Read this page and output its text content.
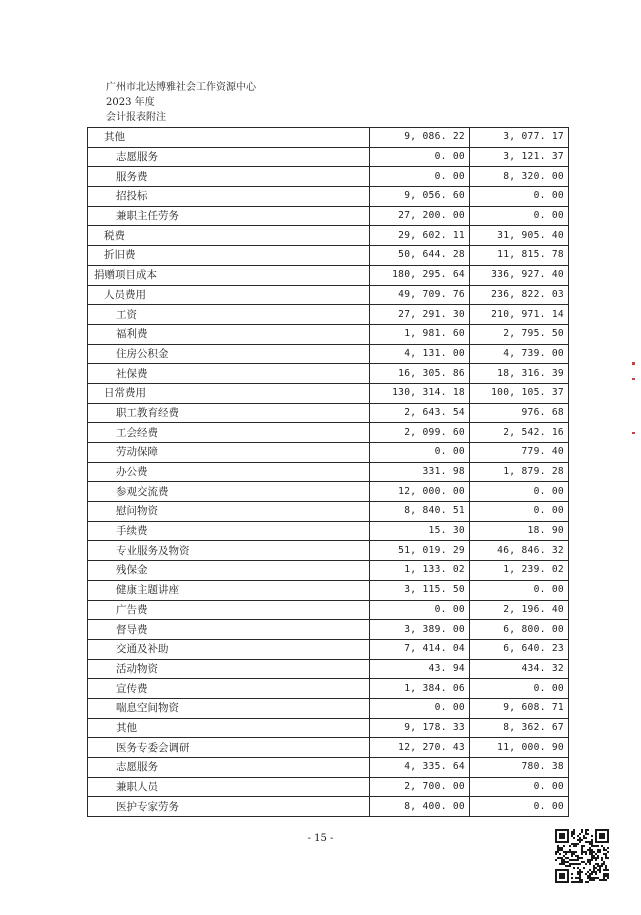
广州市北达博雅社会工作资源中心
2023 年度
会计报表附注
其他	9, 086. 22	3, 077. 17
志愿服务	0. 00	3, 121. 37
服务费	0. 00	8, 320. 00
招投标	9, 056. 60	0. 00
兼职主任劳务	27, 200. 00	0. 00
税费	29, 602. 11	31, 905. 40
折旧费	50, 644. 28	11, 815. 78
捐赠项目成本	180, 295. 64	336, 927. 40
人员费用	49, 709. 76	236, 822. 03
工资	27, 291. 30	210, 971. 14
福利费	1, 981. 60	2, 795. 50
住房公积金	4, 131. 00	4, 739. 00
社保费	16, 305. 86	18, 316. 39
日常费用	130, 314. 18	100, 105. 37
职工教育经费	2, 643. 54	976. 68
工会经费	2, 099. 60	2, 542. 16
劳动保障	0. 00	779. 40
办公费	331. 98	1, 879. 28
参观交流费	12, 000. 00	0. 00
慰问物资	8, 840. 51	0. 00
手续费	15. 30	18. 90
专业服务及物资	51, 019. 29	46, 846. 32
残保金	1, 133. 02	1, 239. 02
健康主题讲座	3, 115. 50	0. 00
广告费	0. 00	2, 196. 40
督导费	3, 389. 00	6, 800. 00
交通及补助	7, 414. 04	6, 640. 23
活动物资	43. 94	434. 32
宣传费	1, 384. 06	0. 00
喘息空间物资	0. 00	9, 608. 71
其他	9, 178. 33	8, 362. 67
医务专委会调研	12, 270. 43	11, 000. 90
志愿服务	4, 335. 64	780. 38
兼职人员	2, 700. 00	0. 00
医护专家劳务	8, 400. 00	0. 00
- 15 -
